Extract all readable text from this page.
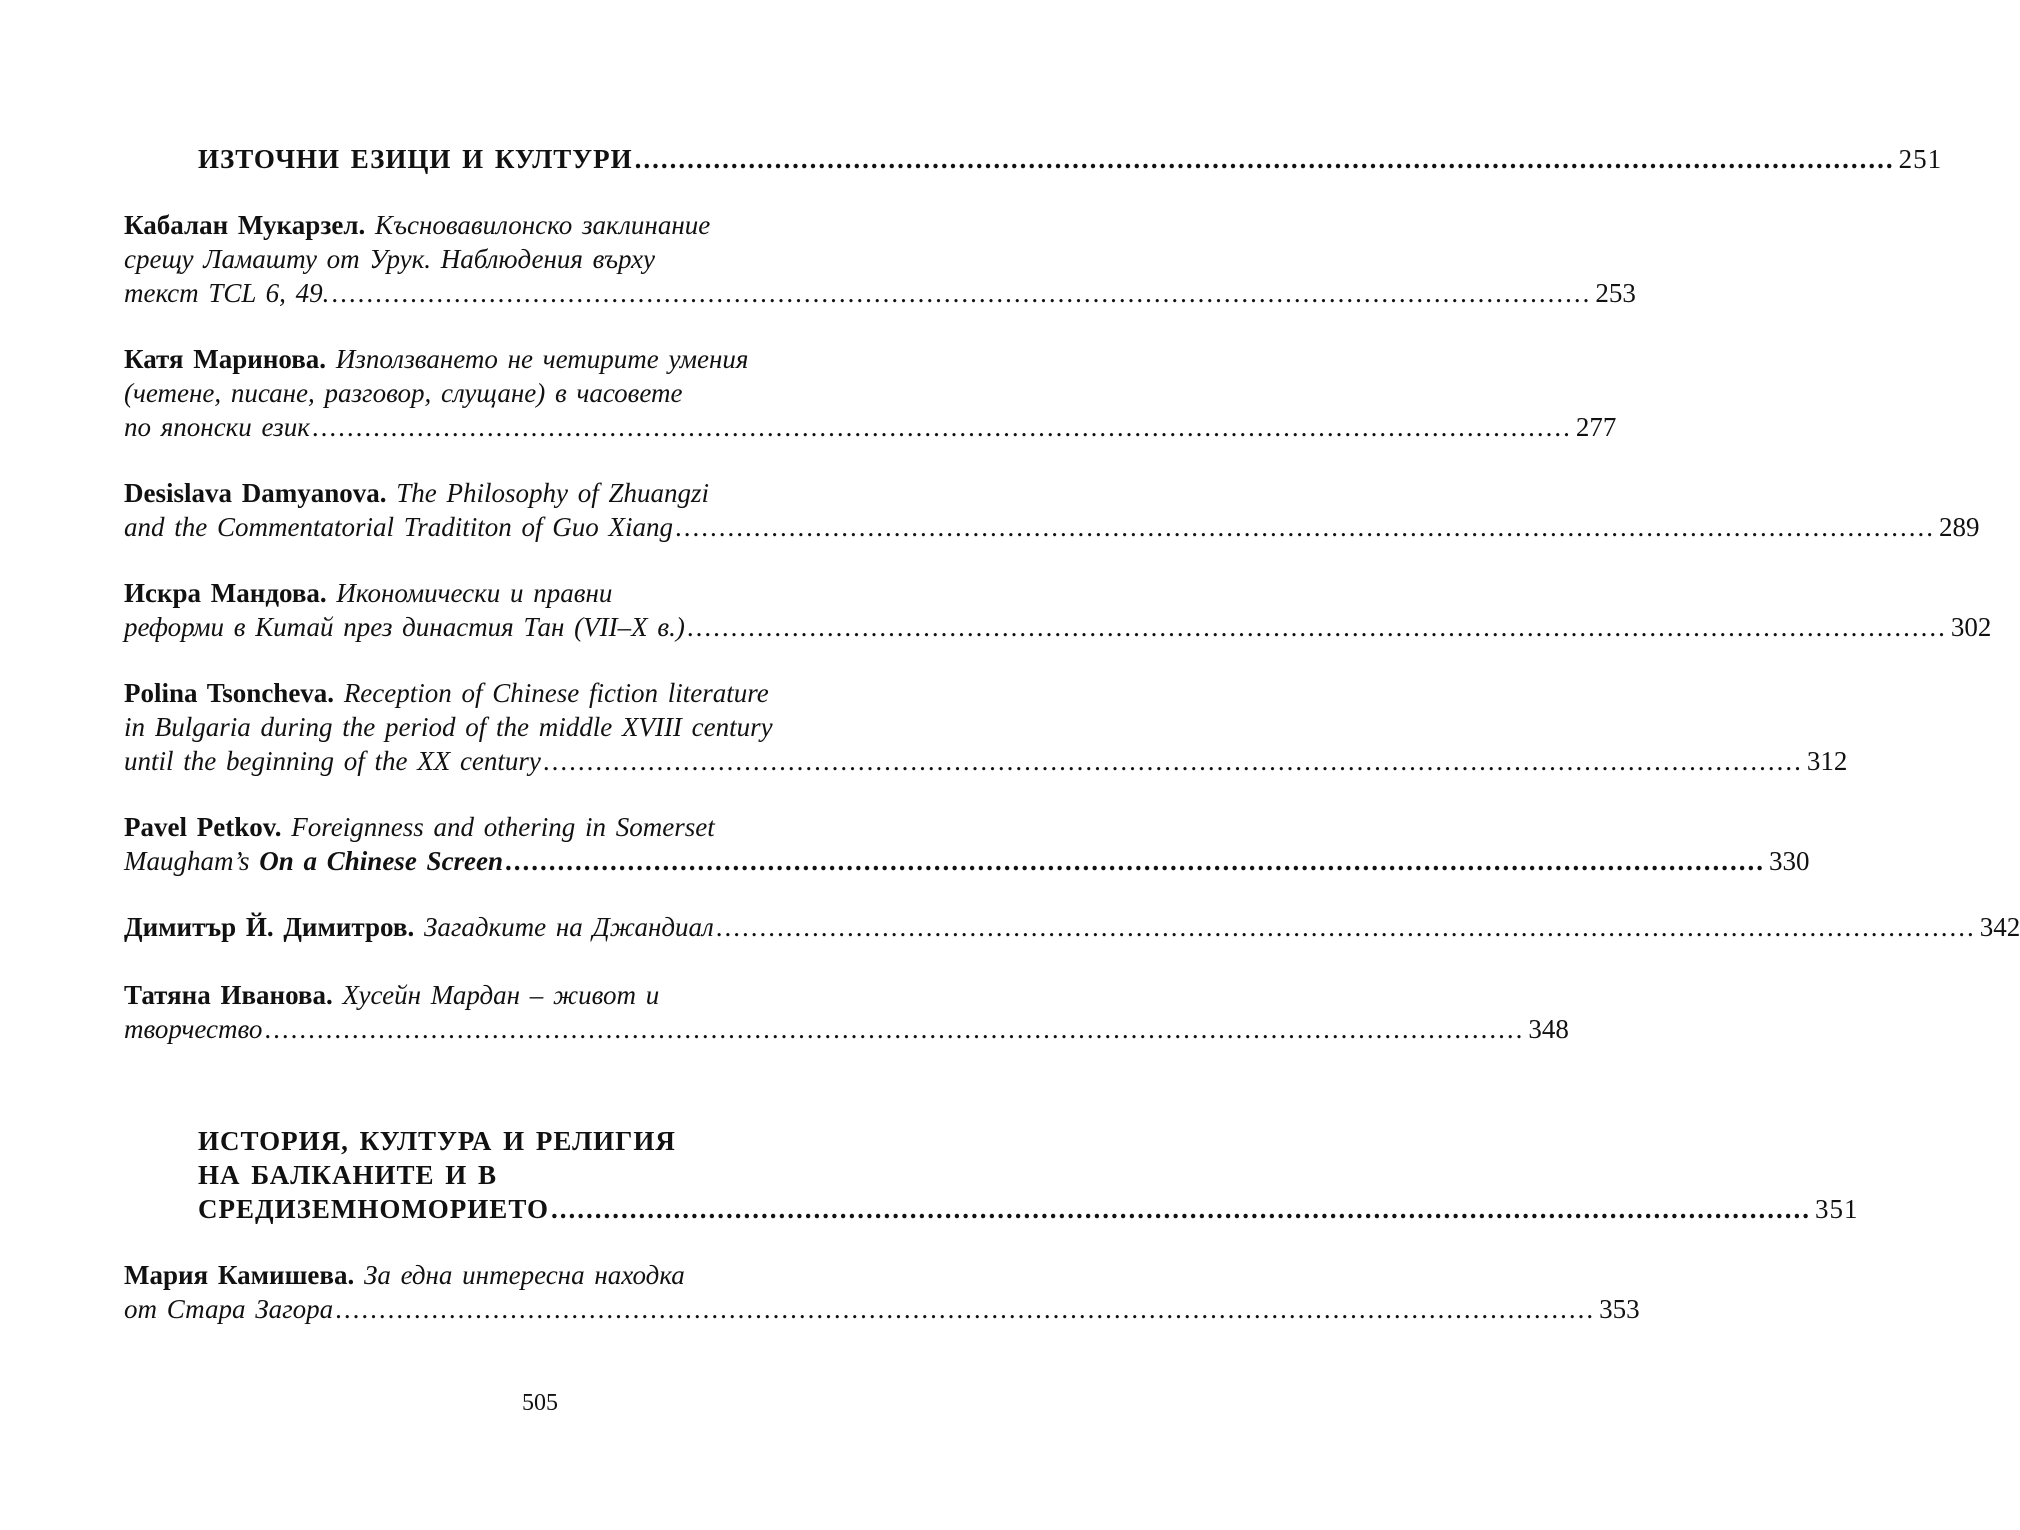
ИЗТОЧНИ ЕЗИЦИ И КУЛТУРИ ................................................................................................................................................ 251
Кабалан Мукарзел. Късновавилонско заклинание
срещу Ламашту от Урук. Наблюдения върху
текст TCL 6, 49. ................................................................................................................................................ 253
Катя Маринова. Използването не четирите умения
(четене, писане, разговор, слущане) в часовете
по японски език ................................................................................................................................................ 277
Desislava Damyanova. The Philosophy of Zhuangzi
and the Commentatorial Tradititon of Guo Xiang ................................................................................................................................................ 289
Искра Мандова. Икономически и правни
реформи в Китай през династия Тан (VII–X в.) ................................................................................................................................................ 302
Polina Tsoncheva. Reception of Chinese fiction literature
in Bulgaria during the period of the middle XVIII century
until the beginning of the XX century ................................................................................................................................................ 312
Pavel Petkov. Foreignness and othering in Somerset
Maugham’s On a Chinese Screen ................................................................................................................................................ 330
Димитър Й. Димитров. Загадките на Джандиал ................................................................................................................................................ 342
Татяна Иванова. Хусейн Мардан – живот и
творчество ................................................................................................................................................ 348
ИСТОРИЯ, КУЛТУРА И РЕЛИГИЯ
НА БАЛКАНИТЕ И В
СРЕДИЗЕМНОМОРИЕТО ................................................................................................................................................ 351
Мария Камишева. За една интересна находка
от Стара Загора ................................................................................................................................................ 353
505
